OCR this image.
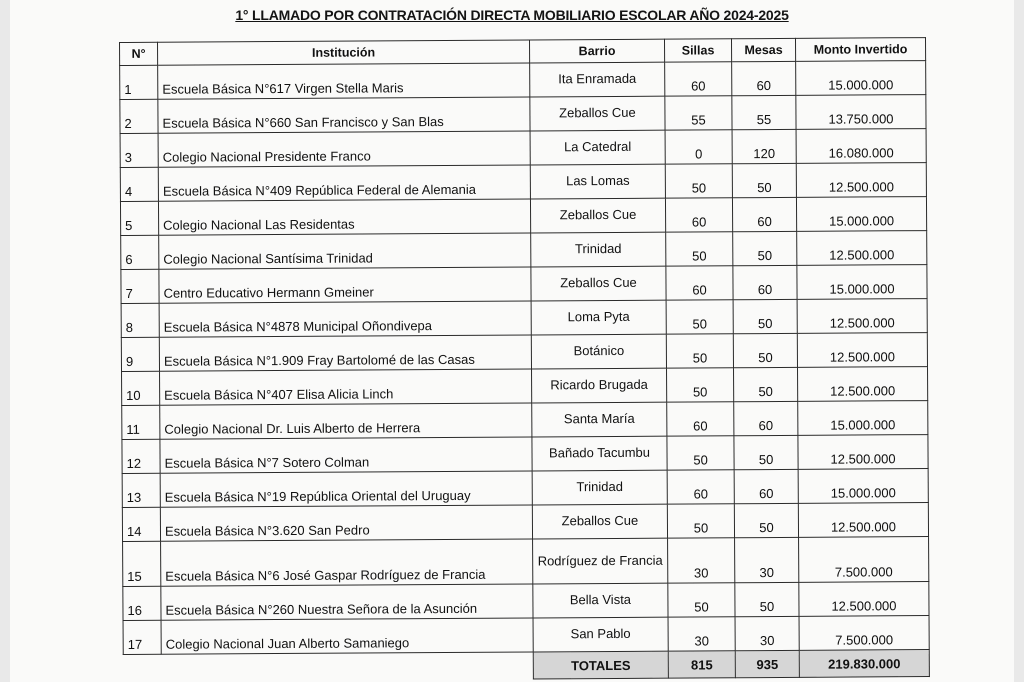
1° LLAMADO POR CONTRATACIÓN DIRECTA MOBILIARIO ESCOLAR AÑO 2024-2025
N°	Institución	Barrio	Sillas	Mesas	Monto Invertido
1	Escuela Básica N°617 Virgen Stella Maris	Ita Enramada	60	60	15.000.000
2	Escuela Básica N°660 San Francisco y San Blas	Zeballos Cue	55	55	13.750.000
3	Colegio Nacional Presidente Franco	La Catedral	0	120	16.080.000
4	Escuela Básica N°409 República Federal de Alemania	Las Lomas	50	50	12.500.000
5	Colegio Nacional Las Residentas	Zeballos Cue	60	60	15.000.000
6	Colegio Nacional Santísima Trinidad	Trinidad	50	50	12.500.000
7	Centro Educativo Hermann Gmeiner	Zeballos Cue	60	60	15.000.000
8	Escuela Básica N°4878 Municipal Oñondivepa	Loma Pyta	50	50	12.500.000
9	Escuela Básica N°1.909 Fray Bartolomé de las Casas	Botánico	50	50	12.500.000
10	Escuela Básica N°407 Elisa Alicia Linch	Ricardo Brugada	50	50	12.500.000
11	Colegio Nacional Dr. Luis Alberto de Herrera	Santa María	60	60	15.000.000
12	Escuela Básica N°7 Sotero Colman	Bañado Tacumbu	50	50	12.500.000
13	Escuela Básica N°19 República Oriental del Uruguay	Trinidad	60	60	15.000.000
14	Escuela Básica N°3.620 San Pedro	Zeballos Cue	50	50	12.500.000
15	Escuela Básica N°6 José Gaspar Rodríguez de Francia	Rodríguez de Francia	30	30	7.500.000
16	Escuela Básica N°260 Nuestra Señora de la Asunción	Bella Vista	50	50	12.500.000
17	Colegio Nacional Juan Alberto Samaniego	San Pablo	30	30	7.500.000
		TOTALES	815	935	219.830.000
